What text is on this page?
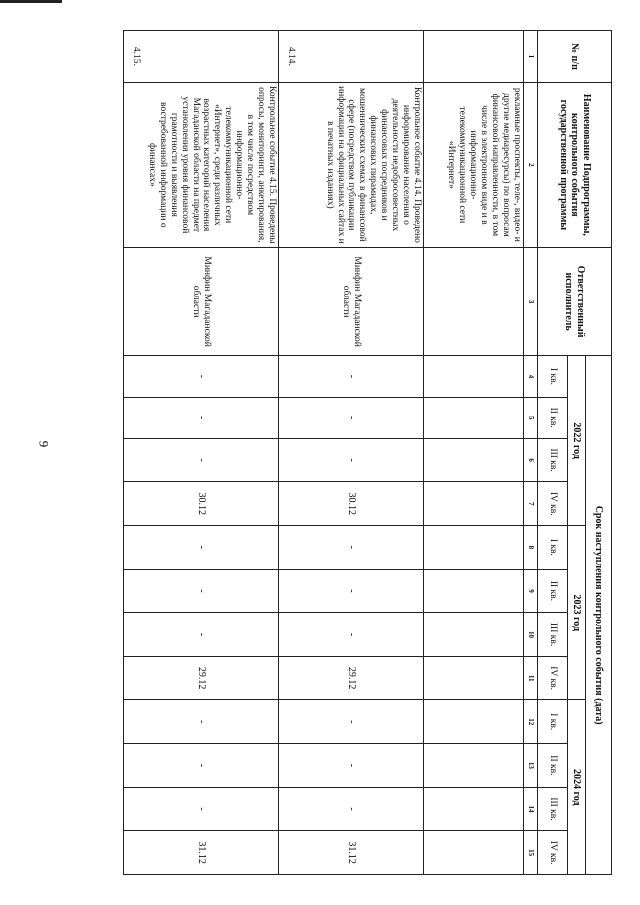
9
№ п/п	Наименование Подпрограммы, контрольного события государственной программы	Ответственный исполнитель	Срок наступления контрольного события (дата)											
			2022 год				2023 год				2024 год			
			I кв.	II кв.	III кв.	IV кв.	I кв.	II кв.	III кв.	IV кв.	I кв.	II кв.	III кв.	IV кв.
1	2	3	4	5	6	7	8	9	10	11	12	13	14	15
	рекламные проспекты, теле-, видео- и другие медиаресурсы) по вопросам финансовой направленности, в том числе в электронном виде и в информационно-телекоммуникационной сети «Интернет»													
4.14.	Контрольное событие 4.14. Проведено информирование населения о деятельности недобросовестных финансовых посредников и финансовых пирамидах, мошеннических схемах в финансовой сфере (посредством публикации информации на официальных сайтах и в печатных изданиях)	Минфин Магаданской области	-	-	-	30.12	-	-	-	29.12	-	-	-	31.12
4.15.	Контрольное событие 4.15. Проведены опросы, мониторинги, анкетирования, в том числе посредством информационно-телекоммуникационной сети «Интернет», среди различных возрастных категорий населения Магаданской области на предмет установления уровня финансовой грамотности и выявления востребованной информации о финансах»	Минфин Магаданской области	-	-	-	30.12	-	-	-	29.12	-	-	-	31.12
